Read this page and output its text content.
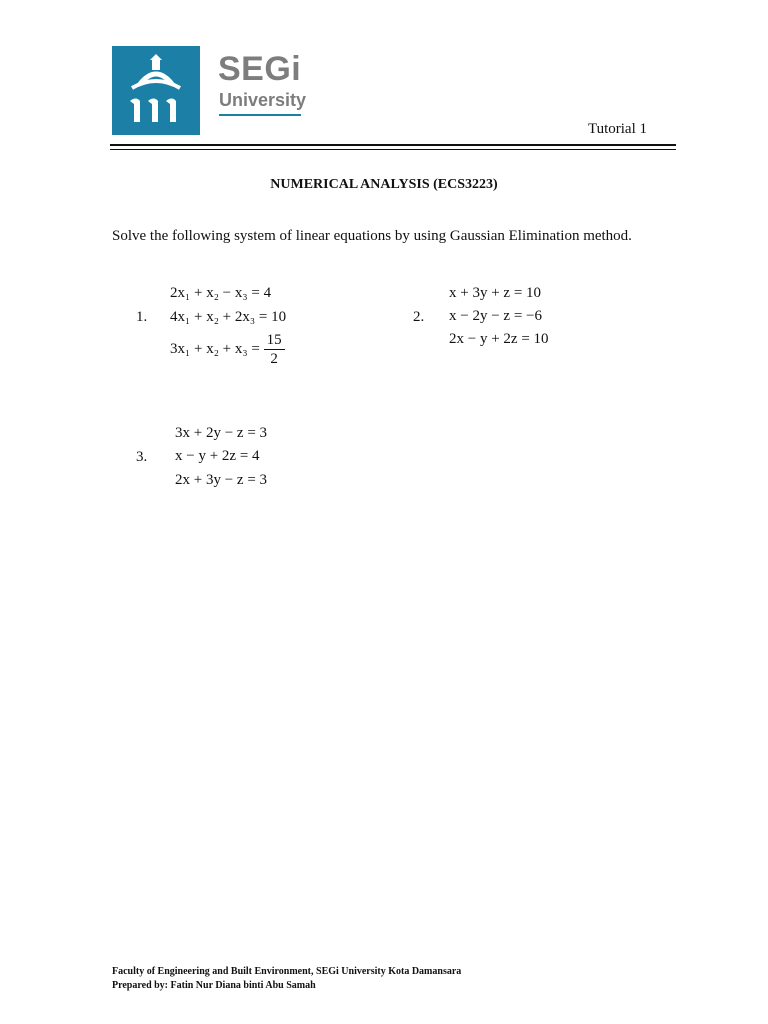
SEGi
University
Tutorial 1
NUMERICAL ANALYSIS (ECS3223)
Solve the following system of linear equations by using Gaussian Elimination method.
1.
2x₁ + x₂ − x₃ = 4
4x₁ + x₂ + 2x₃ = 10
$3x_1 + x_2 + x_3 = \frac{15}{2}$
2.
x + 3y + z = 10
x − 2y − z = −6
2x − y + 2z = 10
3.
3x + 2y − z = 3
x − y + 2z = 4
2x + 3y − z = 3
Faculty of Engineering and Built Environment, SEGi University Kota Damansara
Prepared by: Fatin Nur Diana binti Abu Samah
